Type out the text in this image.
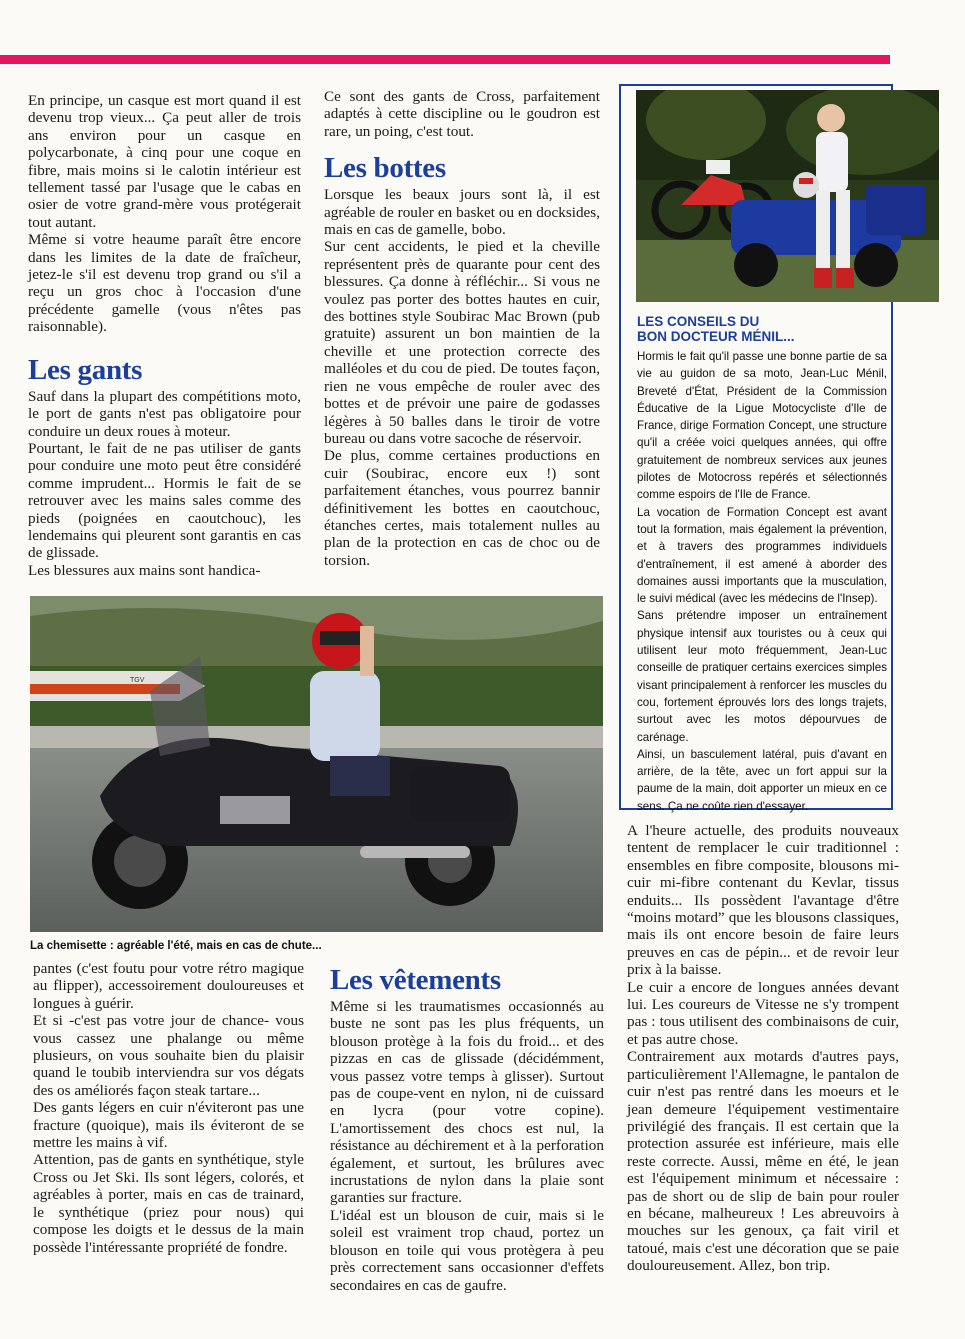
En principe, un casque est mort quand il est devenu trop vieux... Ça peut aller de trois ans environ pour un casque en polycarbonate, à cinq pour une coque en fibre, mais moins si le calotin intérieur est tellement tassé par l'usage que le cabas en osier de votre grand-mère vous protégerait tout autant.

Même si votre heaume paraît être encore dans les limites de la date de fraîcheur, jetez-le s'il est devenu trop grand ou s'il a reçu un gros choc à l'occasion d'une précédente gamelle (vous n'êtes pas raisonnable).

Les gants

Sauf dans la plupart des compétitions moto, le port de gants n'est pas obligatoire pour conduire un deux roues à moteur.

Pourtant, le fait de ne pas utiliser de gants pour conduire une moto peut être considéré comme imprudent... Hormis le fait de se retrouver avec les mains sales comme des pieds (poignées en caoutchouc), les lendemains qui pleurent sont garantis en cas de glissade.

Les blessures aux mains sont handica-

Ce sont des gants de Cross, parfaitement adaptés à cette discipline ou le goudron est rare, un poing, c'est tout.

Les bottes

Lorsque les beaux jours sont là, il est agréable de rouler en basket ou en docksides, mais en cas de gamelle, bobo.

Sur cent accidents, le pied et la cheville représentent près de quarante pour cent des blessures. Ça donne à réfléchir... Si vous ne voulez pas porter des bottes hautes en cuir, des bottines style Soubirac Mac Brown (pub gratuite) assurent un bon maintien de la cheville et une protection correcte des malléoles et du cou de pied. De toutes façon, rien ne vous empêche de rouler avec des bottes et de prévoir une paire de godasses légères à 50 balles dans le tiroir de votre bureau ou dans votre sacoche de réservoir.

De plus, comme certaines productions en cuir (Soubirac, encore eux !) sont parfaitement étanches, vous pourrez bannir définitivement les bottes en caoutchouc, étanches certes, mais totalement nulles au plan de la protection en cas de choc ou de torsion.

LES CONSEILS DU
BON DOCTEUR MÉNIL...

Hormis le fait qu'il passe une bonne partie de sa vie au guidon de sa moto, Jean-Luc Ménil, Breveté d'État, Président de la Commission Éducative de la Ligue Motocycliste d'Ile de France, dirige Formation Concept, une structure qu'il a créée voici quelques années, qui offre gratuitement de nombreux services aux jeunes pilotes de Motocross repérés et sélectionnés comme espoirs de l'Ile de France.

La vocation de Formation Concept est avant tout la formation, mais également la prévention, et à travers des programmes individuels d'entraînement, il est amené à aborder des domaines aussi importants que la musculation, le suivi médical (avec les médecins de l'Insep).

Sans prétendre imposer un entraînement physique intensif aux touristes ou à ceux qui utilisent leur moto fréquemment, Jean-Luc conseille de pratiquer certains exercices simples visant principalement à renforcer les muscles du cou, fortement éprouvés lors des longs trajets, surtout avec les motos dépourvues de carénage.

Ainsi, un basculement latéral, puis d'avant en arrière, de la tête, avec un fort appui sur la paume de la main, doit apporter un mieux en ce sens. Ça ne coûte rien d'essayer.

TGV
La chemisette : agréable l'été, mais en cas de chute...

pantes (c'est foutu pour votre rétro magique au flipper), accessoirement douloureuses et longues à guérir.

Et si -c'est pas votre jour de chance- vous vous cassez une phalange ou même plusieurs, on vous souhaite bien du plaisir quand le toubib interviendra sur vos dégats des os améliorés façon steak tartare...

Des gants légers en cuir n'éviteront pas une fracture (quoique), mais ils éviteront de se mettre les mains à vif.

Attention, pas de gants en synthétique, style Cross ou Jet Ski. Ils sont légers, colorés, et agréables à porter, mais en cas de trainard, le synthétique (priez pour nous) qui compose les doigts et le dessus de la main possède l'intéressante propriété de fondre.

Les vêtements

Même si les traumatismes occasionnés au buste ne sont pas les plus fréquents, un blouson protège à la fois du froid... et des pizzas en cas de glissade (décidémment, vous passez votre temps à glisser). Surtout pas de coupe-vent en nylon, ni de cuissard en lycra (pour votre copine). L'amortissement des chocs est nul, la résistance au déchirement et à la perforation également, et surtout, les brûlures avec incrustations de nylon dans la plaie sont garanties sur fracture.

L'idéal est un blouson de cuir, mais si le soleil est vraiment trop chaud, portez un blouson en toile qui vous protègera à peu près correctement sans occasionner d'effets secondaires en cas de gaufre.

A l'heure actuelle, des produits nouveaux tentent de remplacer le cuir traditionnel : ensembles en fibre composite, blousons mi-cuir mi-fibre contenant du Kevlar, tissus enduits... Ils possèdent l'avantage d'être “moins motard” que les blousons classiques, mais ils ont encore besoin de faire leurs preuves en cas de pépin... et de revoir leur prix à la baisse.

Le cuir a encore de longues années devant lui. Les coureurs de Vitesse ne s'y trompent pas : tous utilisent des combinaisons de cuir, et pas autre chose.

Contrairement aux motards d'autres pays, particulièrement l'Allemagne, le pantalon de cuir n'est pas rentré dans les moeurs et le jean demeure l'équipement vestimentaire privilégié des français. Il est certain que la protection assurée est inférieure, mais elle reste correcte. Aussi, même en été, le jean est l'équipement minimum et nécessaire : pas de short ou de slip de bain pour rouler en bécane, malheureux ! Les abreuvoirs à mouches sur les genoux, ça fait viril et tatoué, mais c'est une décoration que se paie douloureusement. Allez, bon trip.
